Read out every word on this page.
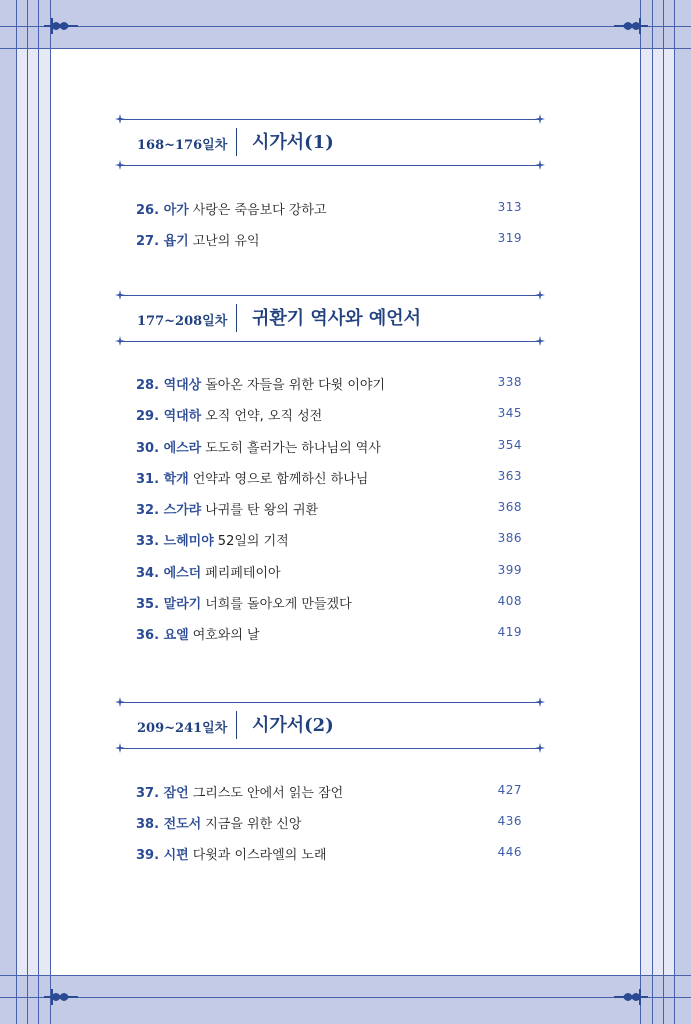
168~176일차 시가서(1)
26. 아가 사랑은 죽음보다 강하고	313
27. 욥기 고난의 유익	319
177~208일차 귀환기 역사와 예언서
28. 역대상 돌아온 자들을 위한 다윗 이야기	338
29. 역대하 오직 언약, 오직 성전	345
30. 에스라 도도히 흘러가는 하나님의 역사	354
31. 학개 언약과 영으로 함께하신 하나님	363
32. 스가랴 나귀를 탄 왕의 귀환	368
33. 느헤미야 52일의 기적	386
34. 에스더 페리페테이아	399
35. 말라기 너희를 돌아오게 만들겠다	408
36. 요엘 여호와의 날	419
209~241일차 시가서(2)
37. 잠언 그리스도 안에서 읽는 잠언	427
38. 전도서 지금을 위한 신앙	436
39. 시편 다윗과 이스라엘의 노래	446
